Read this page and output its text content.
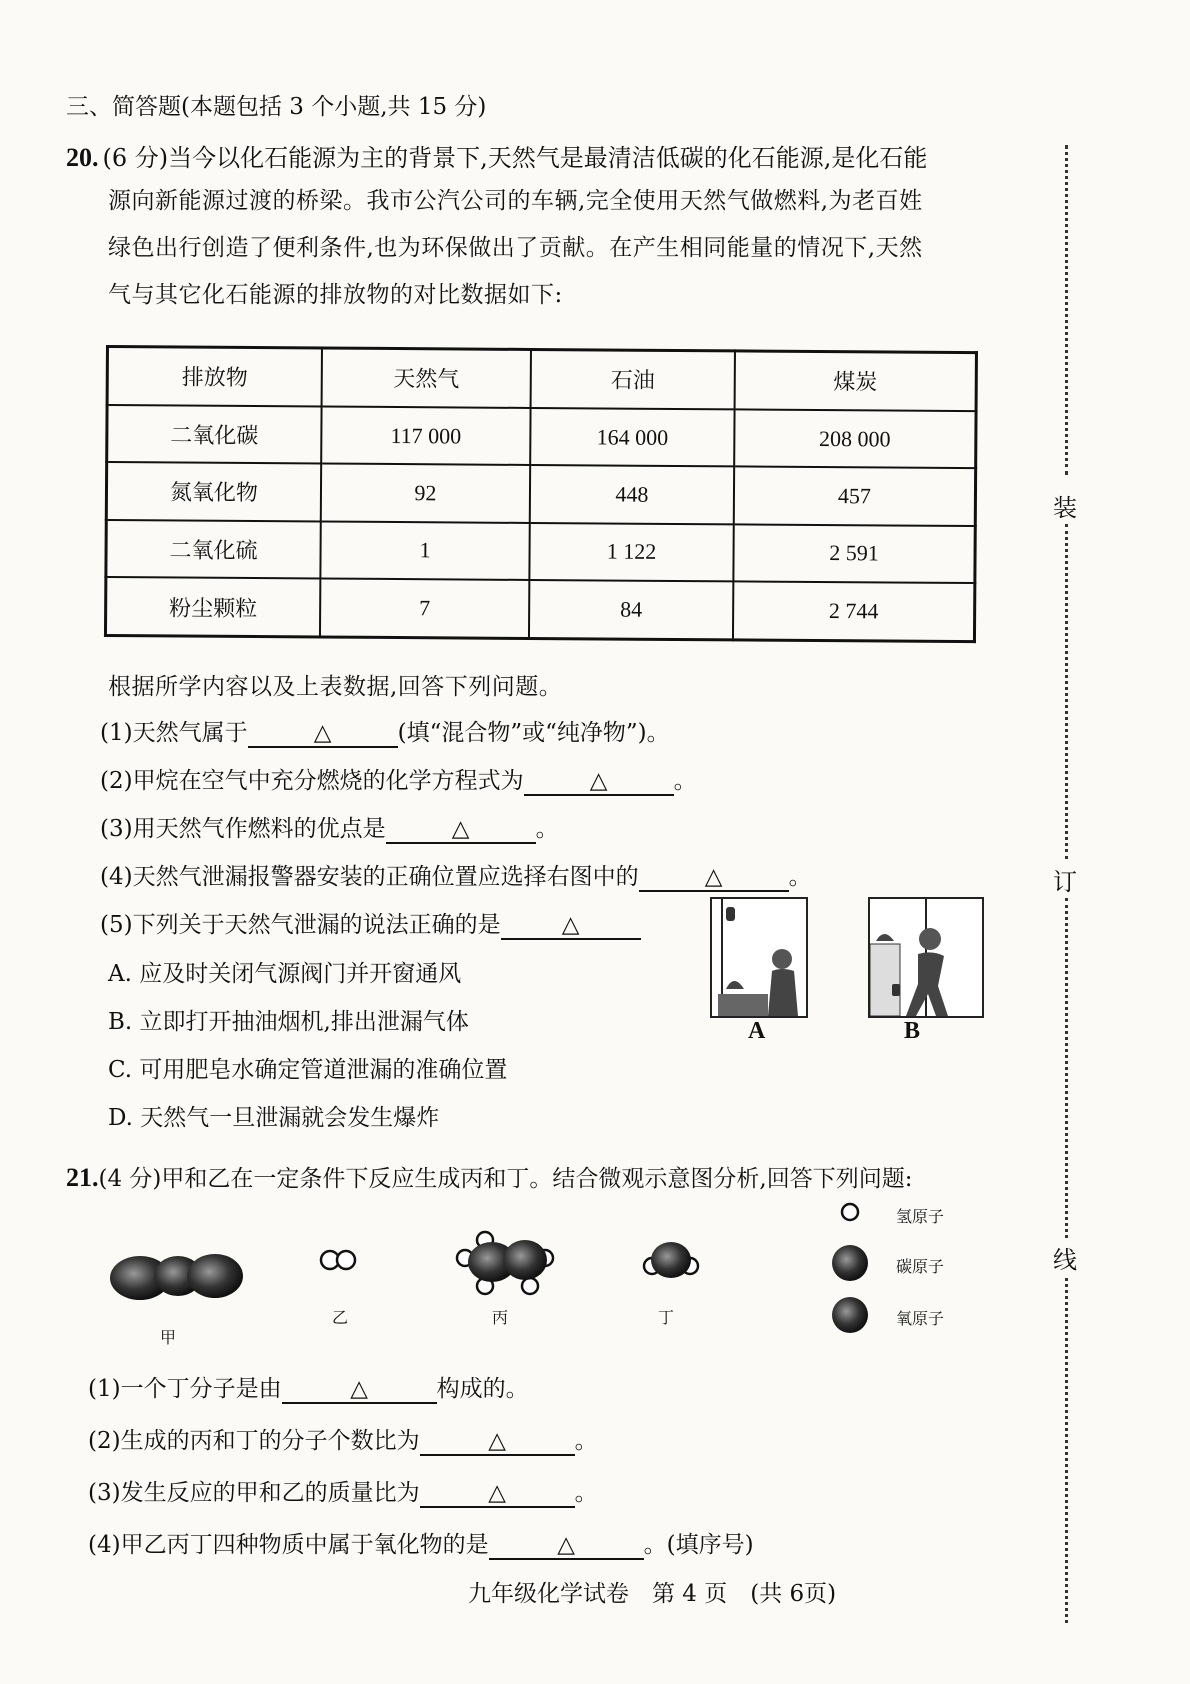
三、简答题(本题包括 3 个小题,共 15 分)
20. (6 分)当今以化石能源为主的背景下,天然气是最清洁低碳的化石能源,是化石能
源向新能源过渡的桥梁。我市公汽公司的车辆,完全使用天然气做燃料,为老百姓
绿色出行创造了便利条件,也为环保做出了贡献。在产生相同能量的情况下,天然
气与其它化石能源的排放物的对比数据如下:
排放物	天然气	石油	煤炭
二氧化碳	117 000	164 000	208 000
氮氧化物	92	448	457
二氧化硫	1	1 122	2 591
粉尘颗粒	7	84	2 744
根据所学内容以及上表数据,回答下列问题。
(1)天然气属于	△	(填“混合物”或“纯净物”)。
(2)甲烷在空气中充分燃烧的化学方程式为	△	。
(3)用天然气作燃料的优点是	△	。
(4)天然气泄漏报警器安装的正确位置应选择右图中的	△	。
(5)下列关于天然气泄漏的说法正确的是	△
A. 应及时关闭气源阀门并开窗通风
B. 立即打开抽油烟机,排出泄漏气体
C. 可用肥皂水确定管道泄漏的准确位置
D. 天然气一旦泄漏就会发生爆炸
A	B
21.(4 分)甲和乙在一定条件下反应生成丙和丁。结合微观示意图分析,回答下列问题:
甲
乙	丙	丁
氢原子
碳原子
氧原子
(1)一个丁分子是由	△	构成的。
(2)生成的丙和丁的分子个数比为	△	。
(3)发生反应的甲和乙的质量比为	△	。
(4)甲乙丙丁四种物质中属于氧化物的是	△	。(填序号)
九年级化学试卷　第 4 页　(共 6页)
装
订
线
